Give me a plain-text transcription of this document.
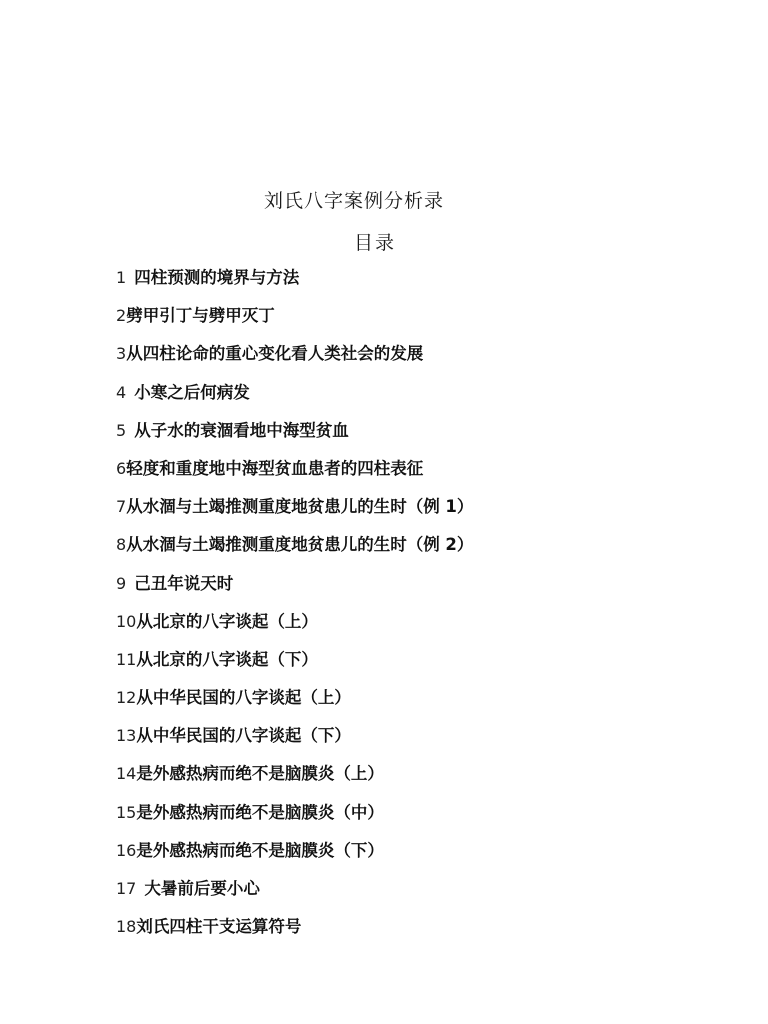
刘氏八字案例分析录
目录
1 四柱预测的境界与方法
2劈甲引丁与劈甲灭丁
3从四柱论命的重心变化看人类社会的发展
4 小寒之后何病发
5 从子水的衰涸看地中海型贫血
6轻度和重度地中海型贫血患者的四柱表征
7从水涸与土竭推测重度地贫患儿的生时（例 1）
8从水涸与土竭推测重度地贫患儿的生时（例 2）
9 己丑年说天时
10从北京的八字谈起（上）
11从北京的八字谈起（下）
12从中华民国的八字谈起（上）
13从中华民国的八字谈起（下）
14是外感热病而绝不是脑膜炎（上）
15是外感热病而绝不是脑膜炎（中）
16是外感热病而绝不是脑膜炎（下）
17 大暑前后要小心
18刘氏四柱干支运算符号
